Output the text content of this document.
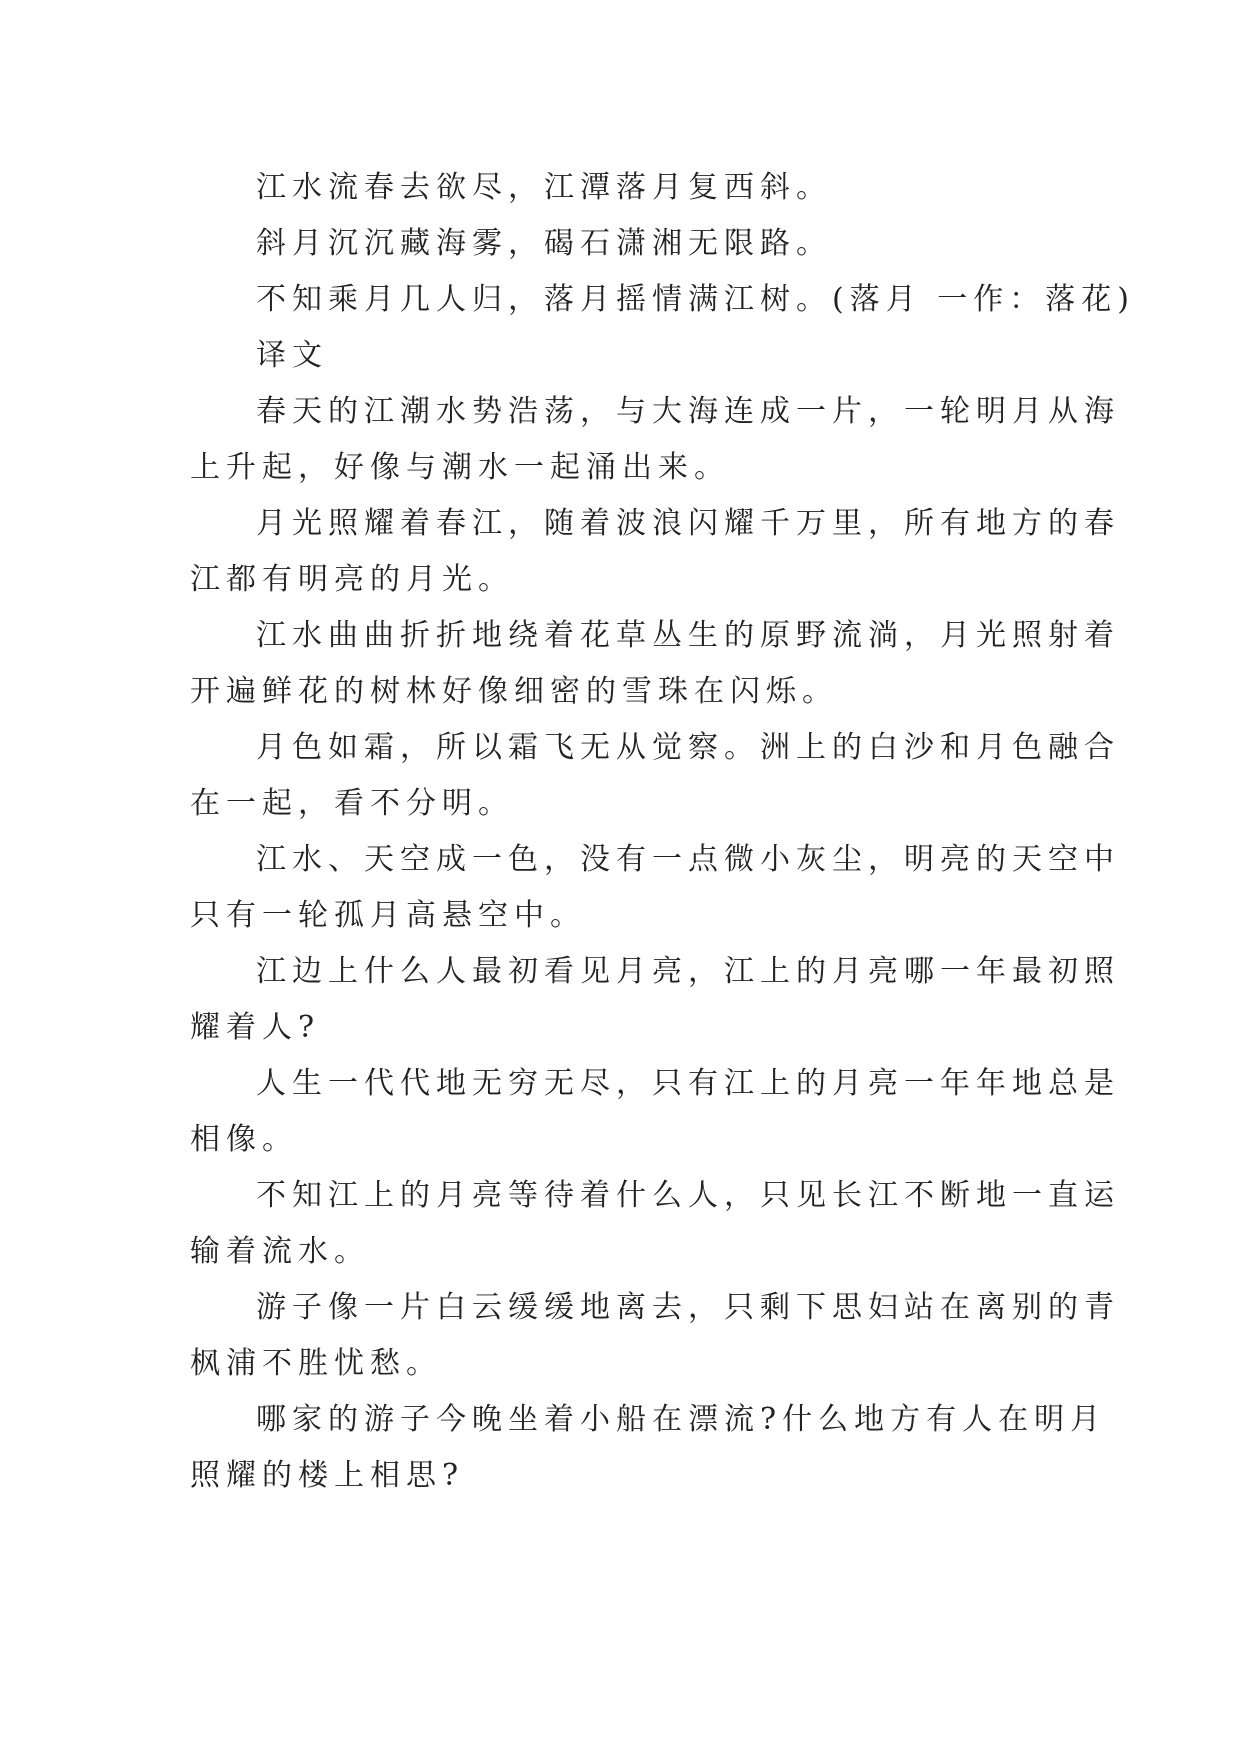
江水流春去欲尽，江潭落月复西斜。
斜月沉沉藏海雾，碣石潇湘无限路。
不知乘月几人归，落月摇情满江树。(落月 一作：落花)
译文
春天的江潮水势浩荡，与大海连成一片，一轮明月从海
上升起，好像与潮水一起涌出来。
月光照耀着春江，随着波浪闪耀千万里，所有地方的春
江都有明亮的月光。
江水曲曲折折地绕着花草丛生的原野流淌，月光照射着
开遍鲜花的树林好像细密的雪珠在闪烁。
月色如霜，所以霜飞无从觉察。洲上的白沙和月色融合
在一起，看不分明。
江水、天空成一色，没有一点微小灰尘，明亮的天空中
只有一轮孤月高悬空中。
江边上什么人最初看见月亮，江上的月亮哪一年最初照
耀着人?
人生一代代地无穷无尽，只有江上的月亮一年年地总是
相像。
不知江上的月亮等待着什么人，只见长江不断地一直运
输着流水。
游子像一片白云缓缓地离去，只剩下思妇站在离别的青
枫浦不胜忧愁。
哪家的游子今晚坐着小船在漂流?什么地方有人在明月
照耀的楼上相思?
